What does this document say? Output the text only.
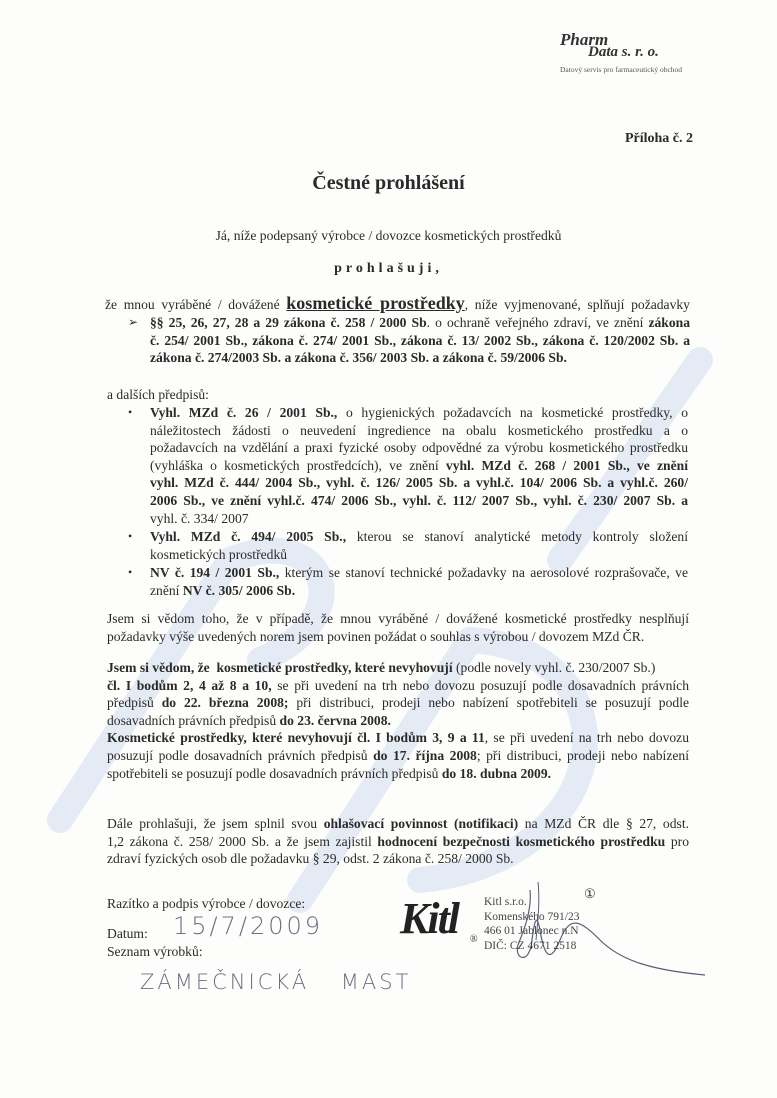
Pharm
Data s. r. o.
Datový servis pro farmaceutický obchod
Příloha č. 2
Čestné prohlášení
Já, níže podepsaný výrobce / dovozce kosmetických prostředků
prohlašuji,
že mnou vyráběné / dovážené kosmetické prostředky, níže vyjmenované, splňují požadavky
➢ §§ 25, 26, 27, 28 a 29 zákona č. 258 / 2000 Sb. o ochraně veřejného zdraví, ve znění zákona
č. 254/ 2001 Sb., zákona č. 274/ 2001 Sb., zákona č. 13/ 2002 Sb., zákona č. 120/2002 Sb. a
zákona č. 274/2003 Sb. a zákona č. 356/ 2003 Sb. a zákona č. 59/2006 Sb.
a dalších předpisů:
• Vyhl. MZd č. 26 / 2001 Sb., o hygienických požadavcích na kosmetické prostředky, o
náležitostech žádosti o neuvedení ingredience na obalu kosmetického prostředku a o
požadavcích na vzdělání a praxi fyzické osoby odpovědné za výrobu kosmetického prostředku
(vyhláška o kosmetických prostředcích), ve znění vyhl. MZd č. 268 / 2001 Sb., ve znění
vyhl. MZd č. 444/ 2004 Sb., vyhl. č. 126/ 2005 Sb. a vyhl.č. 104/ 2006 Sb. a vyhl.č. 260/
2006 Sb., ve znění vyhl.č. 474/ 2006 Sb., vyhl. č. 112/ 2007 Sb., vyhl. č. 230/ 2007 Sb. a
vyhl. č. 334/ 2007
• Vyhl. MZd č. 494/ 2005 Sb., kterou se stanoví analytické metody kontroly složení
kosmetických prostředků
• NV č. 194 / 2001 Sb., kterým se stanoví technické požadavky na aerosolové rozprašovače, ve
znění NV č. 305/ 2006 Sb.
Jsem si vědom toho, že v případě, že mnou vyráběné / dovážené kosmetické prostředky nesplňují
požadavky výše uvedených norem jsem povinen požádat o souhlas s výrobou / dovozem MZd ČR.
Jsem si vědom, že  kosmetické prostředky, které nevyhovují (podle novely vyhl. č. 230/2007 Sb.)
čl. I bodům 2, 4 až 8 a 10, se při uvedení na trh nebo dovozu posuzují podle dosavadních právních
předpisů do 22. března 2008; při distribuci, prodeji nebo nabízení spotřebiteli se posuzují podle
dosavadních právních předpisů do 23. června 2008.
Kosmetické prostředky, které nevyhovují čl. I bodům 3, 9 a 11, se při uvedení na trh nebo dovozu
posuzují podle dosavadních právních předpisů do 17. října 2008; při distribuci, prodeji nebo nabízení
spotřebiteli se posuzují podle dosavadních právních předpisů do 18. dubna 2009.
Dále prohlašuji, že jsem splnil svou ohlašovací povinnost (notifikaci) na MZd ČR dle § 27, odst.
1,2 zákona č. 258/ 2000 Sb. a že jsem zajistil hodnocení bezpečnosti kosmetického prostředku pro
zdraví fyzických osob dle požadavku § 29, odst. 2 zákona č. 258/ 2000 Sb.
Razítko a podpis výrobce / dovozce:
Datum: 15/7/2009
Seznam výrobků:
ZÁMEČNICKÁ MAST
Kitl ®
①
Kitl s.r.o.
Komenského 791/23
466 01 Jablonec n.N
DIČ: CZ 4671 2518
